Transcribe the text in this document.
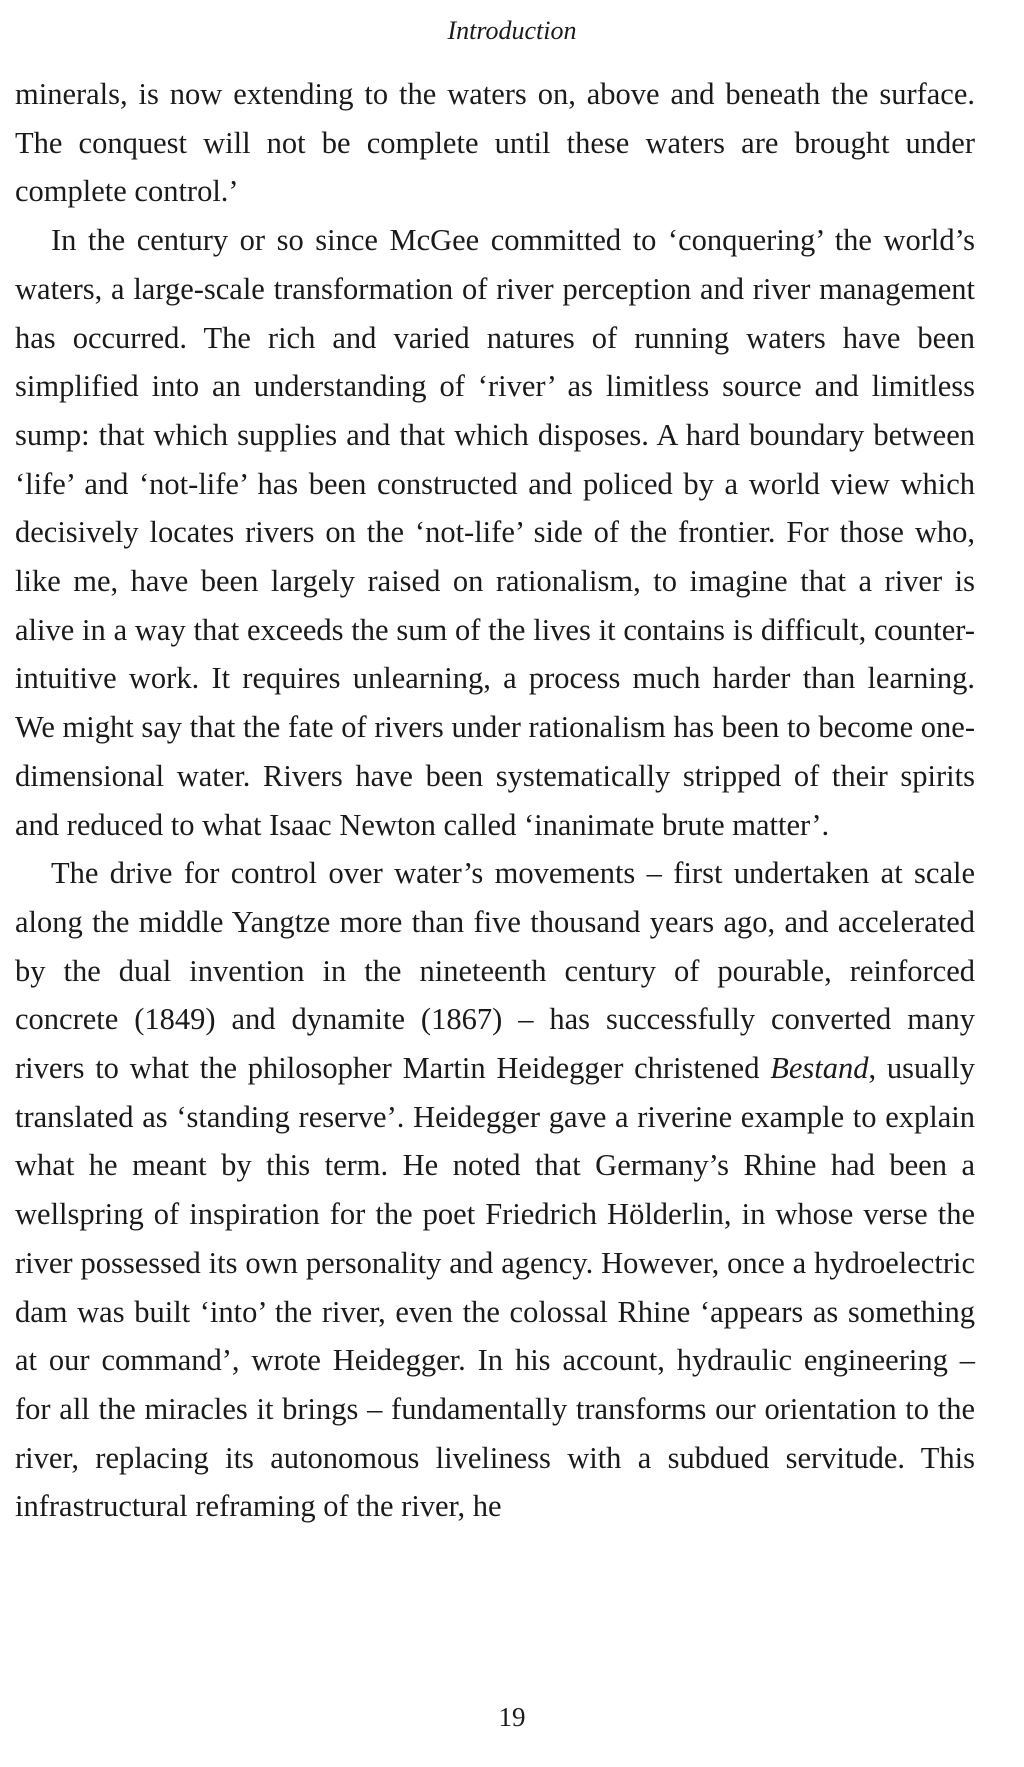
Introduction

minerals, is now extending to the waters on, above and beneath the surface. The conquest will not be complete until these waters are brought under complete control.’

In the century or so since McGee committed to ‘conquering’ the world’s waters, a large-scale transformation of river perception and river management has occurred. The rich and varied natures of running waters have been simplified into an understanding of ‘river’ as limitless source and limitless sump: that which supplies and that which disposes. A hard boundary between ‘life’ and ‘not-life’ has been constructed and policed by a world view which decisively locates rivers on the ‘not-life’ side of the frontier. For those who, like me, have been largely raised on rationalism, to imagine that a river is alive in a way that exceeds the sum of the lives it contains is difficult, counter-intuitive work. It requires unlearning, a process much harder than learning. We might say that the fate of rivers under rationalism has been to become one-dimensional water. Rivers have been systematically stripped of their spirits and reduced to what Isaac Newton called ‘inanimate brute matter’.

The drive for control over water’s movements – first undertaken at scale along the middle Yangtze more than five thousand years ago, and accelerated by the dual invention in the nineteenth century of pourable, reinforced concrete (1849) and dynamite (1867) – has successfully converted many rivers to what the philosopher Martin Heidegger christened Bestand, usually translated as ‘standing reserve’. Heidegger gave a riverine example to explain what he meant by this term. He noted that Germany’s Rhine had been a wellspring of inspiration for the poet Friedrich Hölderlin, in whose verse the river possessed its own personality and agency. However, once a hydroelectric dam was built ‘into’ the river, even the colossal Rhine ‘appears as something at our command’, wrote Heidegger. In his account, hydraulic engineering – for all the miracles it brings – fundamentally transforms our orientation to the river, replacing its autonomous liveliness with a subdued servitude. This infrastructural reframing of the river, he

19
